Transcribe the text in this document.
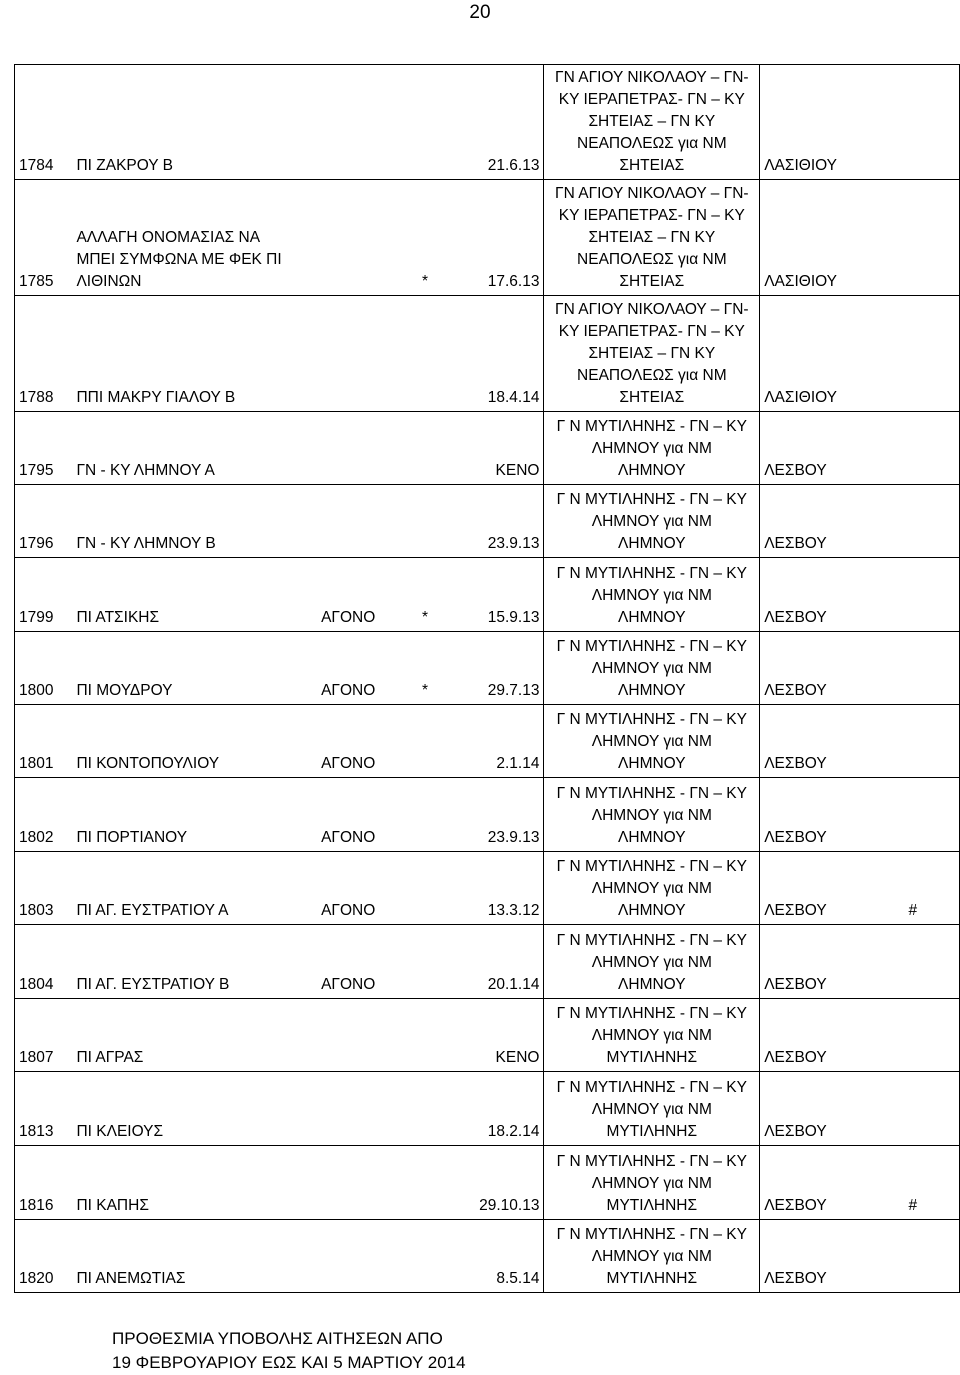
20
1784	ΠΙ ΖΑΚΡΟΥ Β			21.6.13	ΓΝ ΑΓΙΟΥ ΝΙΚΟΛΑΟΥ – ΓΝ-
ΚΥ ΙΕΡΑΠΕΤΡΑΣ- ΓΝ – ΚΥ
ΣΗΤΕΙΑΣ – ΓΝ ΚΥ
ΝΕΑΠΟΛΕΩΣ για ΝΜ
ΣΗΤΕΙΑΣ	ΛΑΣΙΘΙΟΥ	
1785	ΑΛΛΑΓΗ ΟΝΟΜΑΣΙΑΣ ΝΑ ΜΠΕΙ ΣΥΜΦΩΝΑ ΜΕ ΦΕΚ ΠΙ ΛΙΘΙΝΩΝ		*	17.6.13	ΓΝ ΑΓΙΟΥ ΝΙΚΟΛΑΟΥ – ΓΝ-
ΚΥ ΙΕΡΑΠΕΤΡΑΣ- ΓΝ – ΚΥ
ΣΗΤΕΙΑΣ – ΓΝ ΚΥ
ΝΕΑΠΟΛΕΩΣ για ΝΜ
ΣΗΤΕΙΑΣ	ΛΑΣΙΘΙΟΥ	
1788	ΠΠΙ ΜΑΚΡΥ ΓΙΑΛΟΥ Β			18.4.14	ΓΝ ΑΓΙΟΥ ΝΙΚΟΛΑΟΥ – ΓΝ-
ΚΥ ΙΕΡΑΠΕΤΡΑΣ- ΓΝ – ΚΥ
ΣΗΤΕΙΑΣ – ΓΝ ΚΥ
ΝΕΑΠΟΛΕΩΣ για ΝΜ
ΣΗΤΕΙΑΣ	ΛΑΣΙΘΙΟΥ	
1795	ΓΝ - ΚΥ ΛΗΜΝΟΥ Α			ΚΕΝΟ	Γ Ν ΜΥΤΙΛΗΝΗΣ - ΓΝ – ΚΥ
ΛΗΜΝΟΥ για ΝΜ
ΛΗΜΝΟΥ	ΛΕΣΒΟΥ	
1796	ΓΝ - ΚΥ ΛΗΜΝΟΥ Β			23.9.13	Γ Ν ΜΥΤΙΛΗΝΗΣ - ΓΝ – ΚΥ
ΛΗΜΝΟΥ για ΝΜ
ΛΗΜΝΟΥ	ΛΕΣΒΟΥ	
1799	ΠΙ ΑΤΣΙΚΗΣ	ΑΓΟΝΟ	*	15.9.13	Γ Ν ΜΥΤΙΛΗΝΗΣ - ΓΝ – ΚΥ
ΛΗΜΝΟΥ για ΝΜ
ΛΗΜΝΟΥ	ΛΕΣΒΟΥ	
1800	ΠΙ ΜΟΥΔΡΟΥ	ΑΓΟΝΟ	*	29.7.13	Γ Ν ΜΥΤΙΛΗΝΗΣ - ΓΝ – ΚΥ
ΛΗΜΝΟΥ για ΝΜ
ΛΗΜΝΟΥ	ΛΕΣΒΟΥ	
1801	ΠΙ ΚΟΝΤΟΠΟΥΛΙΟΥ	ΑΓΟΝΟ		2.1.14	Γ Ν ΜΥΤΙΛΗΝΗΣ - ΓΝ – ΚΥ
ΛΗΜΝΟΥ για ΝΜ
ΛΗΜΝΟΥ	ΛΕΣΒΟΥ	
1802	ΠΙ ΠΟΡΤΙΑΝΟΥ	ΑΓΟΝΟ		23.9.13	Γ Ν ΜΥΤΙΛΗΝΗΣ - ΓΝ – ΚΥ
ΛΗΜΝΟΥ για ΝΜ
ΛΗΜΝΟΥ	ΛΕΣΒΟΥ	
1803	ΠΙ ΑΓ. ΕΥΣΤΡΑΤΙΟΥ Α	ΑΓΟΝΟ		13.3.12	Γ Ν ΜΥΤΙΛΗΝΗΣ - ΓΝ – ΚΥ
ΛΗΜΝΟΥ για ΝΜ
ΛΗΜΝΟΥ	ΛΕΣΒΟΥ	#
1804	ΠΙ ΑΓ. ΕΥΣΤΡΑΤΙΟΥ Β	ΑΓΟΝΟ		20.1.14	Γ Ν ΜΥΤΙΛΗΝΗΣ - ΓΝ – ΚΥ
ΛΗΜΝΟΥ για ΝΜ
ΛΗΜΝΟΥ	ΛΕΣΒΟΥ	
1807	ΠΙ ΑΓΡΑΣ			ΚΕΝΟ	Γ Ν ΜΥΤΙΛΗΝΗΣ - ΓΝ – ΚΥ
ΛΗΜΝΟΥ για ΝΜ
ΜΥΤΙΛΗΝΗΣ	ΛΕΣΒΟΥ	
1813	ΠΙ ΚΛΕΙΟΥΣ			18.2.14	Γ Ν ΜΥΤΙΛΗΝΗΣ - ΓΝ – ΚΥ
ΛΗΜΝΟΥ για ΝΜ
ΜΥΤΙΛΗΝΗΣ	ΛΕΣΒΟΥ	
1816	ΠΙ ΚΑΠΗΣ			29.10.13	Γ Ν ΜΥΤΙΛΗΝΗΣ - ΓΝ – ΚΥ
ΛΗΜΝΟΥ για ΝΜ
ΜΥΤΙΛΗΝΗΣ	ΛΕΣΒΟΥ	#
1820	ΠΙ ΑΝΕΜΩΤΙΑΣ			8.5.14	Γ Ν ΜΥΤΙΛΗΝΗΣ - ΓΝ – ΚΥ
ΛΗΜΝΟΥ για ΝΜ
ΜΥΤΙΛΗΝΗΣ	ΛΕΣΒΟΥ	
ΠΡΟΘΕΣΜΙΑ ΥΠΟΒΟΛΗΣ ΑΙΤΗΣΕΩΝ ΑΠΟ
19 ΦΕΒΡΟΥΑΡΙΟΥ ΕΩΣ ΚΑΙ 5 ΜΑΡΤΙΟΥ 2014
